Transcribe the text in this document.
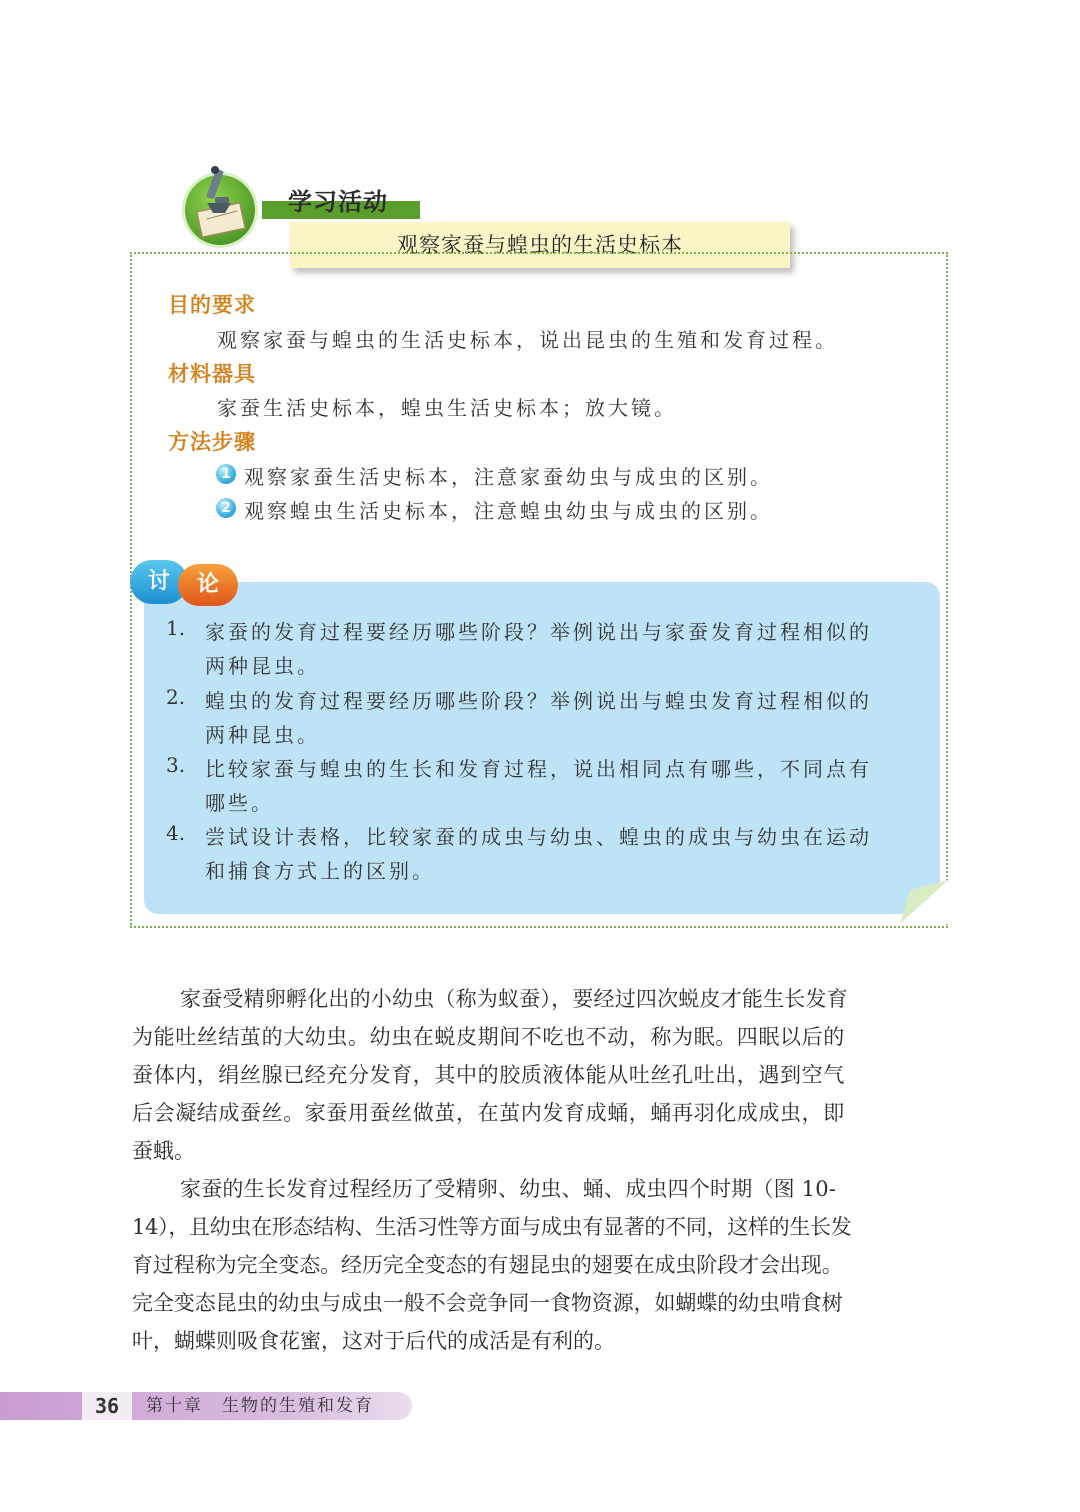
学习活动
观察家蚕与蝗虫的生活史标本
目的要求
观察家蚕与蝗虫的生活史标本，说出昆虫的生殖和发育过程。
材料器具
家蚕生活史标本，蝗虫生活史标本；放大镜。
方法步骤
1 观察家蚕生活史标本，注意家蚕幼虫与成虫的区别。
2 观察蝗虫生活史标本，注意蝗虫幼虫与成虫的区别。
讨	论
1. 家蚕的发育过程要经历哪些阶段？举例说出与家蚕发育过程相似的
两种昆虫。
2. 蝗虫的发育过程要经历哪些阶段？举例说出与蝗虫发育过程相似的
两种昆虫。
3. 比较家蚕与蝗虫的生长和发育过程，说出相同点有哪些，不同点有
哪些。
4. 尝试设计表格，比较家蚕的成虫与幼虫、蝗虫的成虫与幼虫在运动
和捕食方式上的区别。
家蚕受精卵孵化出的小幼虫（称为蚁蚕），要经过四次蜕皮才能生长发育
为能吐丝结茧的大幼虫。幼虫在蜕皮期间不吃也不动，称为眠。四眠以后的
蚕体内，绢丝腺已经充分发育，其中的胶质液体能从吐丝孔吐出，遇到空气
后会凝结成蚕丝。家蚕用蚕丝做茧，在茧内发育成蛹，蛹再羽化成成虫，即
蚕蛾。
家蚕的生长发育过程经历了受精卵、幼虫、蛹、成虫四个时期（图 10-
14），且幼虫在形态结构、生活习性等方面与成虫有显著的不同，这样的生长发
育过程称为完全变态。经历完全变态的有翅昆虫的翅要在成虫阶段才会出现。
完全变态昆虫的幼虫与成虫一般不会竞争同一食物资源，如蝴蝶的幼虫啃食树
叶，蝴蝶则吸食花蜜，这对于后代的成活是有利的。
36	第十章　生物的生殖和发育
